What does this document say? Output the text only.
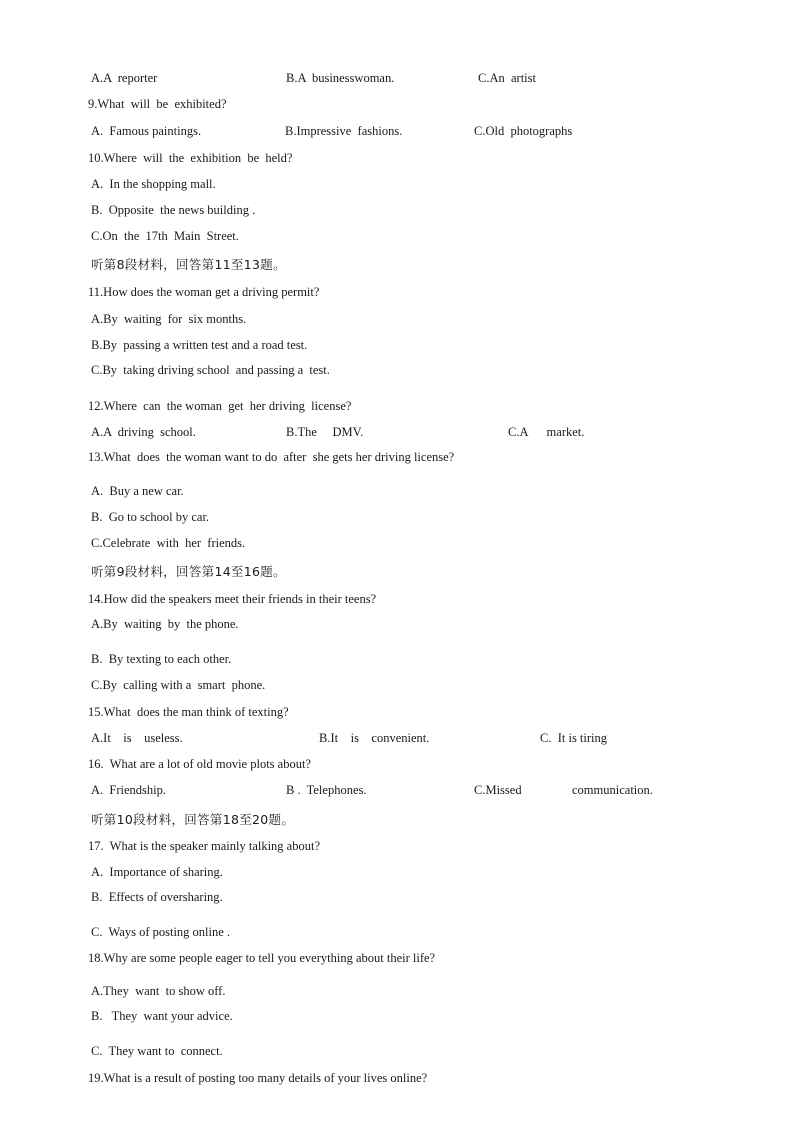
A.A  reporter	B.A  businesswoman.	C.An  artist
9.What  will  be  exhibited?
A.  Famous paintings.	B.Impressive  fashions.	C.Old  photographs
10.Where  will  the  exhibition  be  held?
A.  In the shopping mall.
B.  Opposite  the news building .
C.On  the  17th  Main  Street.
听第8段材料，回答第11至13题。
11.How does the woman get a driving permit?
A.By  waiting  for  six months.
B.By  passing a written test and a road test.
C.By  taking driving school  and passing a  test.
12.Where  can  the woman  get  her driving  license?
A.A  driving  school.	B.The     DMV.	C.A      market.
13.What  does  the woman want to do  after  she gets her driving license?
A.  Buy a new car.
B.  Go to school by car.
C.Celebrate  with  her  friends.
听第9段材料，回答第14至16题。
14.How did the speakers meet their friends in their teens?
A.By  waiting  by  the phone.
B.  By texting to each other.
C.By  calling with a  smart  phone.
15.What  does the man think of texting?
A.It    is    useless.	B.It    is    convenient.	C.  It is tiring
16.  What are a lot of old movie plots about?
A.  Friendship.	B .  Telephones.	C.Missed	communication.
听第10段材料，回答第18至20题。
17.  What is the speaker mainly talking about?
A.  Importance of sharing.
B.  Effects of oversharing.
C.  Ways of posting online .
18.Why are some people eager to tell you everything about their life?
A.They  want  to show off.
B.   They  want your advice.
C.  They want to  connect.
19.What is a result of posting too many details of your lives online?
